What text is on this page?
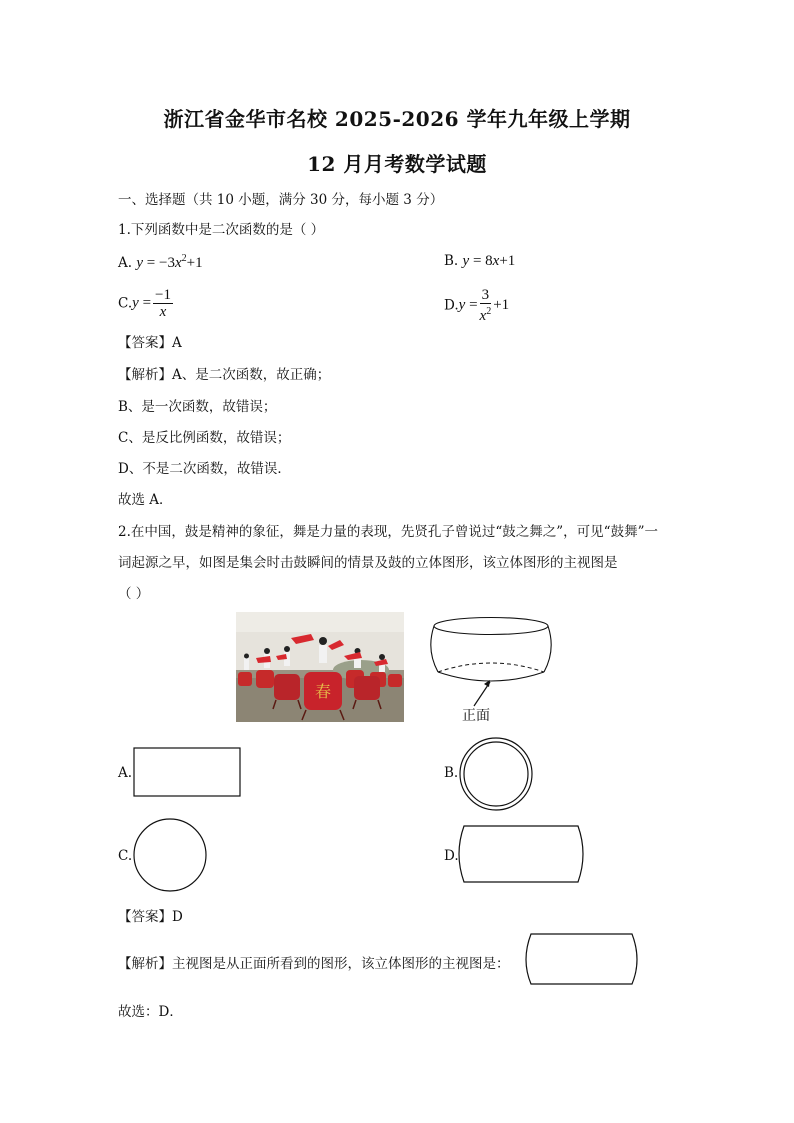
浙江省金华市名校 2025-2026 学年九年级上学期
12 月月考数学试题
一、选择题（共 10 小题，满分 30 分，每小题 3 分）
1.下列函数中是二次函数的是（ ）
A. $y = -3x^2+1$	B. y = 8x+1
$C.y = \frac{-1}{x}$	$D.y = \frac{3}{x^2} +1$
【答案】A
【解析】A、是二次函数，故正确；
B、是一次函数，故错误；
C、是反比例函数，故错误；
D、不是二次函数，故错误．
故选 A．
2.在中国，鼓是精神的象征，舞是力量的表现，先贤孔子曾说过“鼓之舞之”，可见“鼓舞”一
词起源之早，如图是集会时击鼓瞬间的情景及鼓的立体图形，该立体图形的主视图是
（ ）
春
正面
A.	B.
C.	D.
【答案】D
【解析】主视图是从正面所看到的图形，该立体图形的主视图是：
故选：D．
